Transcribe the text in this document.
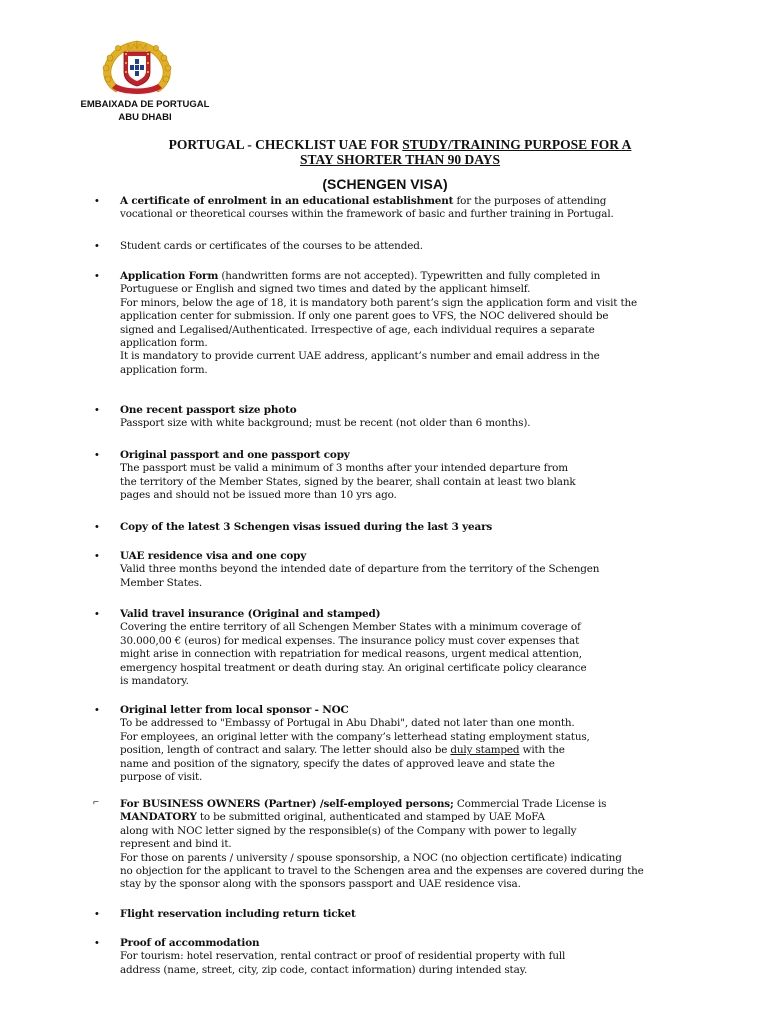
EMBAIXADA DE PORTUGAL
ABU DHABI
PORTUGAL - CHECKLIST UAE FOR STUDY/TRAINING PURPOSE FOR A
STAY SHORTER THAN 90 DAYS
(SCHENGEN VISA)
• A certificate of enrolment in an educational establishment for the purposes of attending
vocational or theoretical courses within the framework of basic and further training in Portugal.
• Student cards or certificates of the courses to be attended.
• Application Form (handwritten forms are not accepted). Typewritten and fully completed in
Portuguese or English and signed two times and dated by the applicant himself.
For minors, below the age of 18, it is mandatory both parent’s sign the application form and visit the
application center for submission. If only one parent goes to VFS, the NOC delivered should be
signed and Legalised/Authenticated. Irrespective of age, each individual requires a separate
application form.
It is mandatory to provide current UAE address, applicant’s number and email address in the
application form.
• One recent passport size photo
Passport size with white background; must be recent (not older than 6 months).
• Original passport and one passport copy
The passport must be valid a minimum of 3 months after your intended departure from
the territory of the Member States, signed by the bearer, shall contain at least two blank
pages and should not be issued more than 10 yrs ago.
• Copy of the latest 3 Schengen visas issued during the last 3 years
• UAE residence visa and one copy
Valid three months beyond the intended date of departure from the territory of the Schengen
Member States.
• Valid travel insurance (Original and stamped)
Covering the entire territory of all Schengen Member States with a minimum coverage of
30.000,00 € (euros) for medical expenses. The insurance policy must cover expenses that
might arise in connection with repatriation for medical reasons, urgent medical attention,
emergency hospital treatment or death during stay. An original certificate policy clearance
is mandatory.
• Original letter from local sponsor - NOC
To be addressed to "Embassy of Portugal in Abu Dhabi", dated not later than one month.
For employees, an original letter with the company’s letterhead stating employment status,
position, length of contract and salary. The letter should also be duly stamped with the
name and position of the signatory, specify the dates of approved leave and state the
purpose of visit.
⌐ For BUSINESS OWNERS (Partner) /self-employed persons; Commercial Trade License is
MANDATORY to be submitted original, authenticated and stamped by UAE MoFA
along with NOC letter signed by the responsible(s) of the Company with power to legally
represent and bind it.
For those on parents / university / spouse sponsorship, a NOC (no objection certificate) indicating
no objection for the applicant to travel to the Schengen area and the expenses are covered during the
stay by the sponsor along with the sponsors passport and UAE residence visa.
• Flight reservation including return ticket
• Proof of accommodation
For tourism: hotel reservation, rental contract or proof of residential property with full
address (name, street, city, zip code, contact information) during intended stay.
